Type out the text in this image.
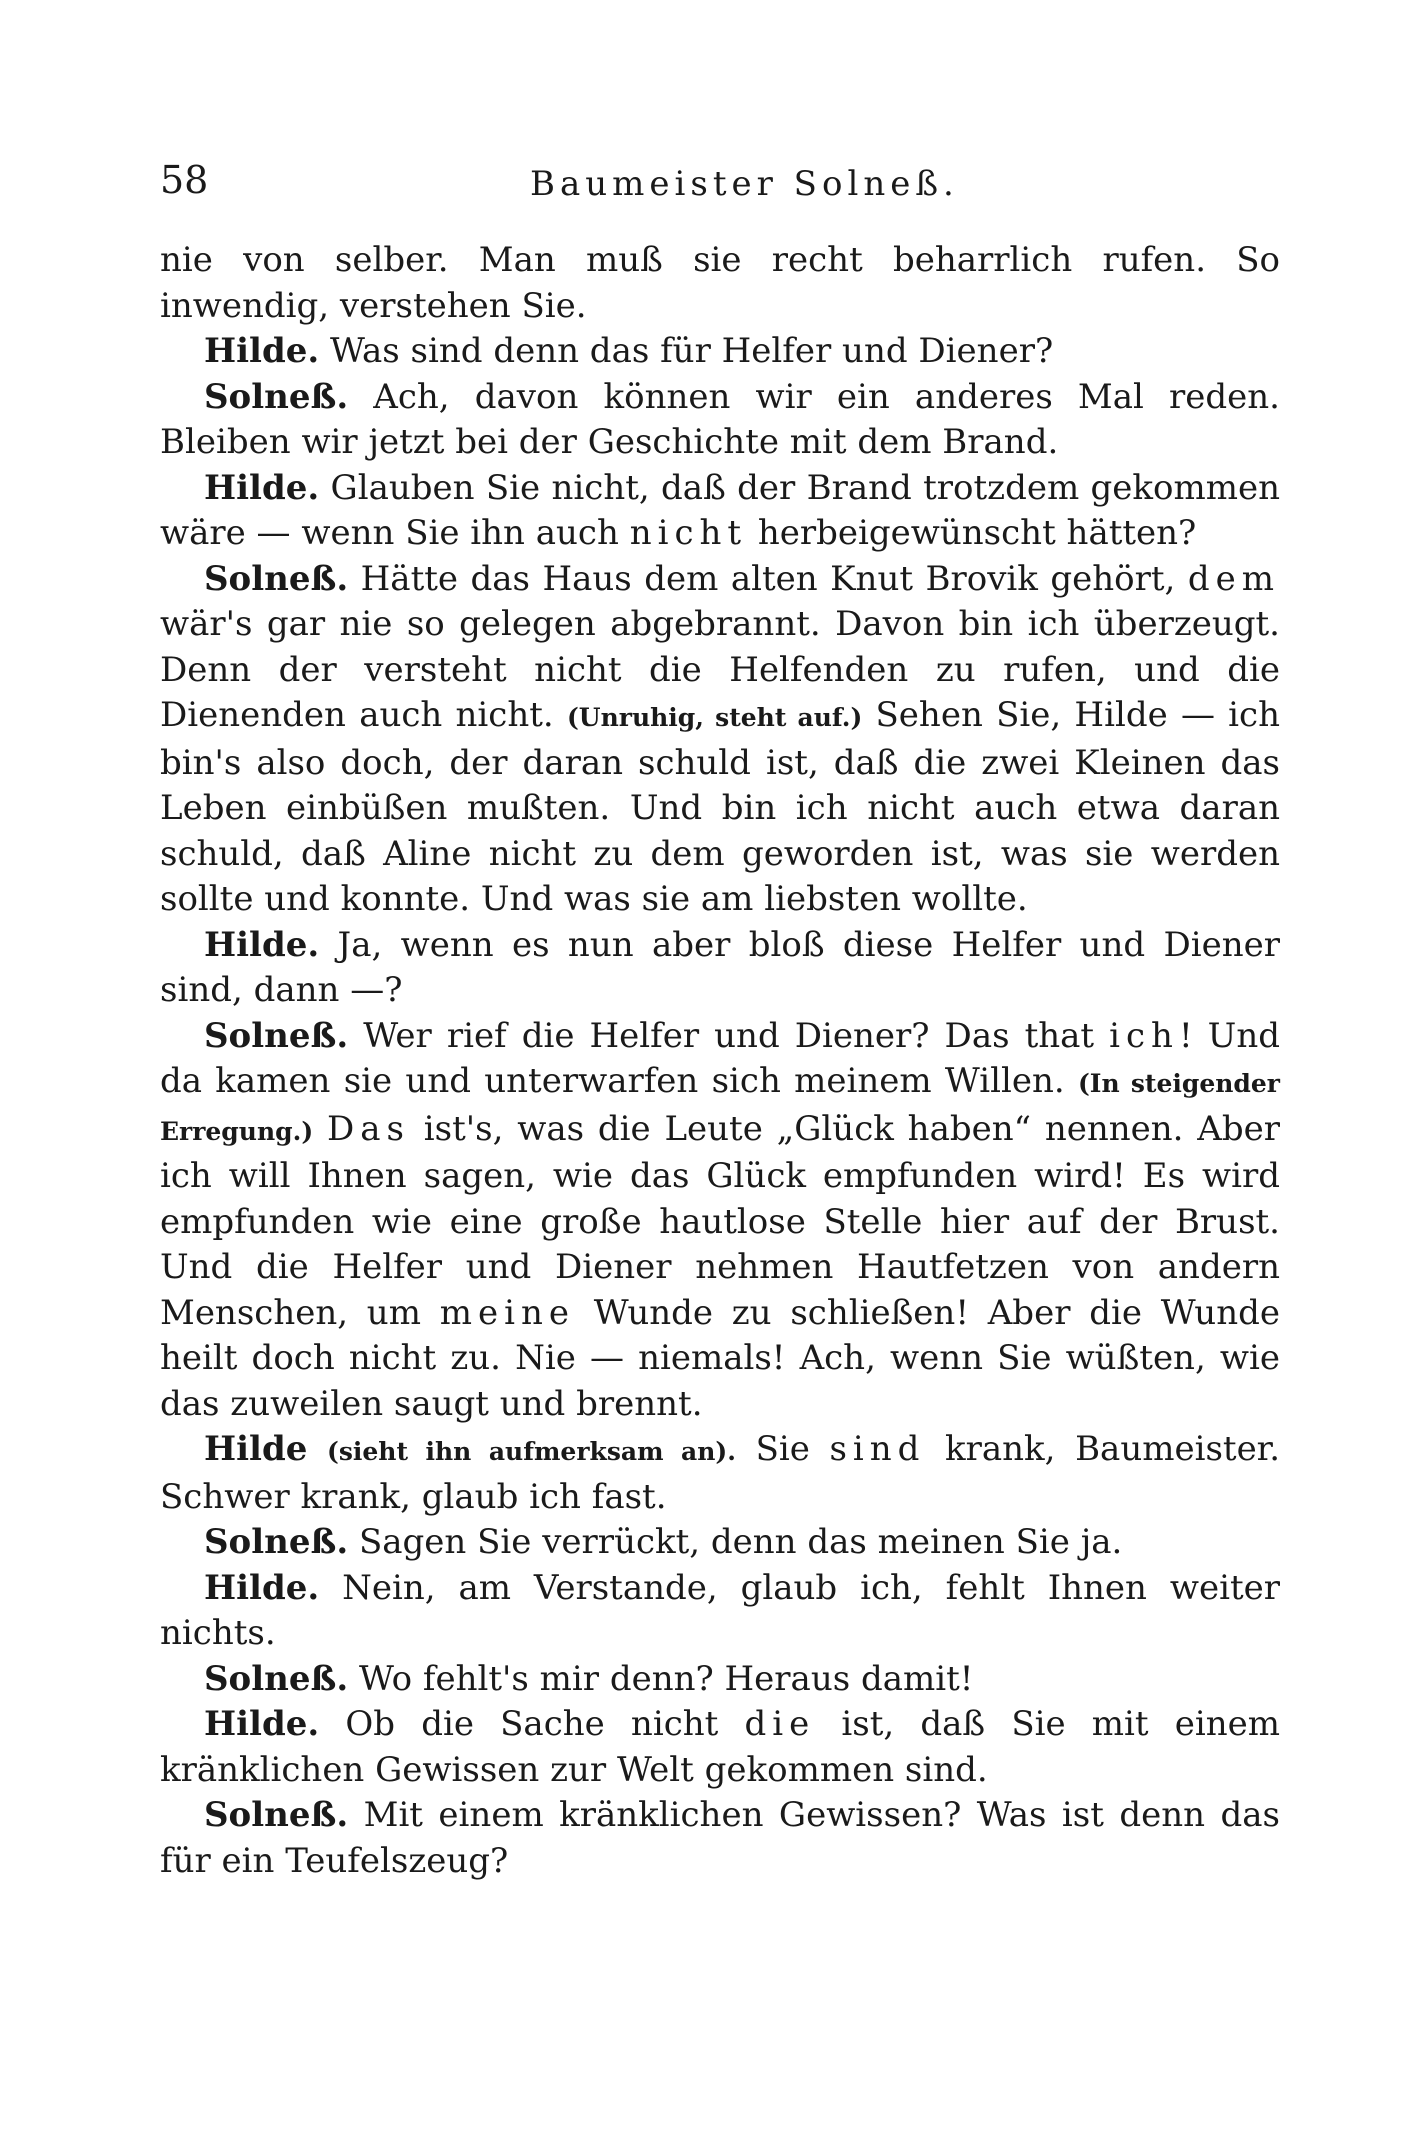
58	Baumeister Solneß.

nie von selber. Man muß sie recht beharrlich rufen. So inwendig, verstehen Sie.

Hilde. Was sind denn das für Helfer und Diener?

Solneß. Ach, davon können wir ein anderes Mal reden. Bleiben wir jetzt bei der Geschichte mit dem Brand.

Hilde. Glauben Sie nicht, daß der Brand trotzdem gekommen wäre — wenn Sie ihn auch nicht herbeigewünscht hätten?

Solneß. Hätte das Haus dem alten Knut Brovik gehört, dem wär's gar nie so gelegen abgebrannt. Davon bin ich überzeugt. Denn der versteht nicht die Helfenden zu rufen, und die Dienenden auch nicht. (Unruhig, steht auf.) Sehen Sie, Hilde — ich bin's also doch, der daran schuld ist, daß die zwei Kleinen das Leben einbüßen mußten. Und bin ich nicht auch etwa daran schuld, daß Aline nicht zu dem geworden ist, was sie werden sollte und konnte. Und was sie am liebsten wollte.

Hilde. Ja, wenn es nun aber bloß diese Helfer und Diener sind, dann —?

Solneß. Wer rief die Helfer und Diener? Das that ich! Und da kamen sie und unterwarfen sich meinem Willen. (In steigender Erregung.) Das ist's, was die Leute „Glück haben“ nennen. Aber ich will Ihnen sagen, wie das Glück empfunden wird! Es wird empfunden wie eine große hautlose Stelle hier auf der Brust. Und die Helfer und Diener nehmen Hautfetzen von andern Menschen, um meine Wunde zu schließen! Aber die Wunde heilt doch nicht zu. Nie — niemals! Ach, wenn Sie wüßten, wie das zuweilen saugt und brennt.

Hilde (sieht ihn aufmerksam an). Sie sind krank, Baumeister. Schwer krank, glaub ich fast.

Solneß. Sagen Sie verrückt, denn das meinen Sie ja.

Hilde. Nein, am Verstande, glaub ich, fehlt Ihnen weiter nichts.

Solneß. Wo fehlt's mir denn? Heraus damit!

Hilde. Ob die Sache nicht die ist, daß Sie mit einem kränklichen Gewissen zur Welt gekommen sind.

Solneß. Mit einem kränklichen Gewissen? Was ist denn das für ein Teufelszeug?
